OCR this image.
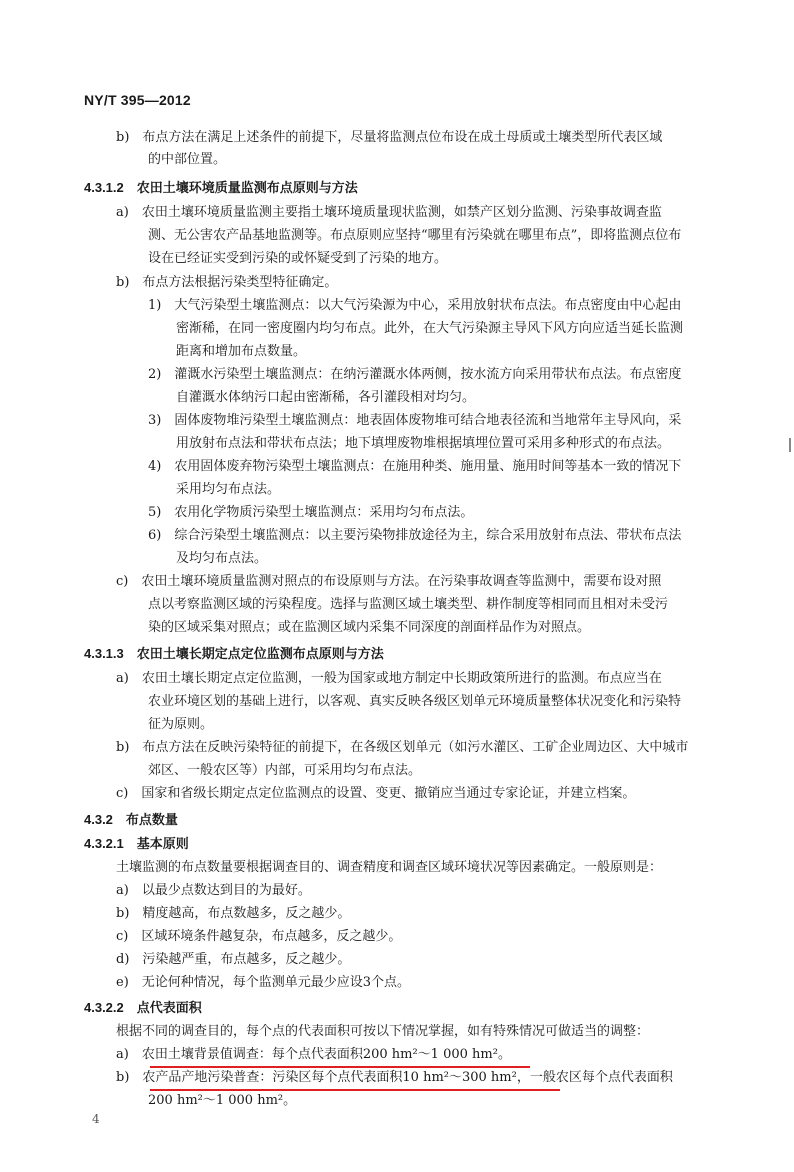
NY/T 395—2012
b)　布点方法在满足上述条件的前提下，尽量将监测点位布设在成土母质或土壤类型所代表区域
的中部位置。
4.3.1.2　农田土壤环境质量监测布点原则与方法
a)　农田土壤环境质量监测主要指土壤环境质量现状监测，如禁产区划分监测、污染事故调查监
测、无公害农产品基地监测等。布点原则应坚持“哪里有污染就在哪里布点”，即将监测点位布
设在已经证实受到污染的或怀疑受到了污染的地方。
b)　布点方法根据污染类型特征确定。
1)　大气污染型土壤监测点：以大气污染源为中心，采用放射状布点法。布点密度由中心起由
密渐稀，在同一密度圈内均匀布点。此外，在大气污染源主导风下风方向应适当延长监测
距离和增加布点数量。
2)　灌溉水污染型土壤监测点：在纳污灌溉水体两侧，按水流方向采用带状布点法。布点密度
自灌溉水体纳污口起由密渐稀，各引灌段相对均匀。
3)　固体废物堆污染型土壤监测点：地表固体废物堆可结合地表径流和当地常年主导风向，采
用放射布点法和带状布点法；地下填埋废物堆根据填埋位置可采用多种形式的布点法。
4)　农用固体废弃物污染型土壤监测点：在施用种类、施用量、施用时间等基本一致的情况下
采用均匀布点法。
5)　农用化学物质污染型土壤监测点：采用均匀布点法。
6)　综合污染型土壤监测点：以主要污染物排放途径为主，综合采用放射布点法、带状布点法
及均匀布点法。
c)　农田土壤环境质量监测对照点的布设原则与方法。在污染事故调查等监测中，需要布设对照
点以考察监测区域的污染程度。选择与监测区域土壤类型、耕作制度等相同而且相对未受污
染的区域采集对照点；或在监测区域内采集不同深度的剖面样品作为对照点。
4.3.1.3　农田土壤长期定点定位监测布点原则与方法
a)　农田土壤长期定点定位监测，一般为国家或地方制定中长期政策所进行的监测。布点应当在
农业环境区划的基础上进行，以客观、真实反映各级区划单元环境质量整体状况变化和污染特
征为原则。
b)　布点方法在反映污染特征的前提下，在各级区划单元（如污水灌区、工矿企业周边区、大中城市
郊区、一般农区等）内部，可采用均匀布点法。
c)　国家和省级长期定点定位监测点的设置、变更、撤销应当通过专家论证，并建立档案。
4.3.2　布点数量
4.3.2.1　基本原则
土壤监测的布点数量要根据调查目的、调查精度和调查区域环境状况等因素确定。一般原则是：
a)　以最少点数达到目的为最好。
b)　精度越高，布点数越多，反之越少。
c)　区域环境条件越复杂，布点越多，反之越少。
d)　污染越严重，布点越多，反之越少。
e)　无论何种情况，每个监测单元最少应设3个点。
4.3.2.2　点代表面积
根据不同的调查目的，每个点的代表面积可按以下情况掌握，如有特殊情况可做适当的调整：
a)　农田土壤背景值调查：每个点代表面积200 hm²～1 000 hm²。
b)　农产品产地污染普查：污染区每个点代表面积10 hm²～300 hm²，一般农区每个点代表面积
200 hm²～1 000 hm²。
4
